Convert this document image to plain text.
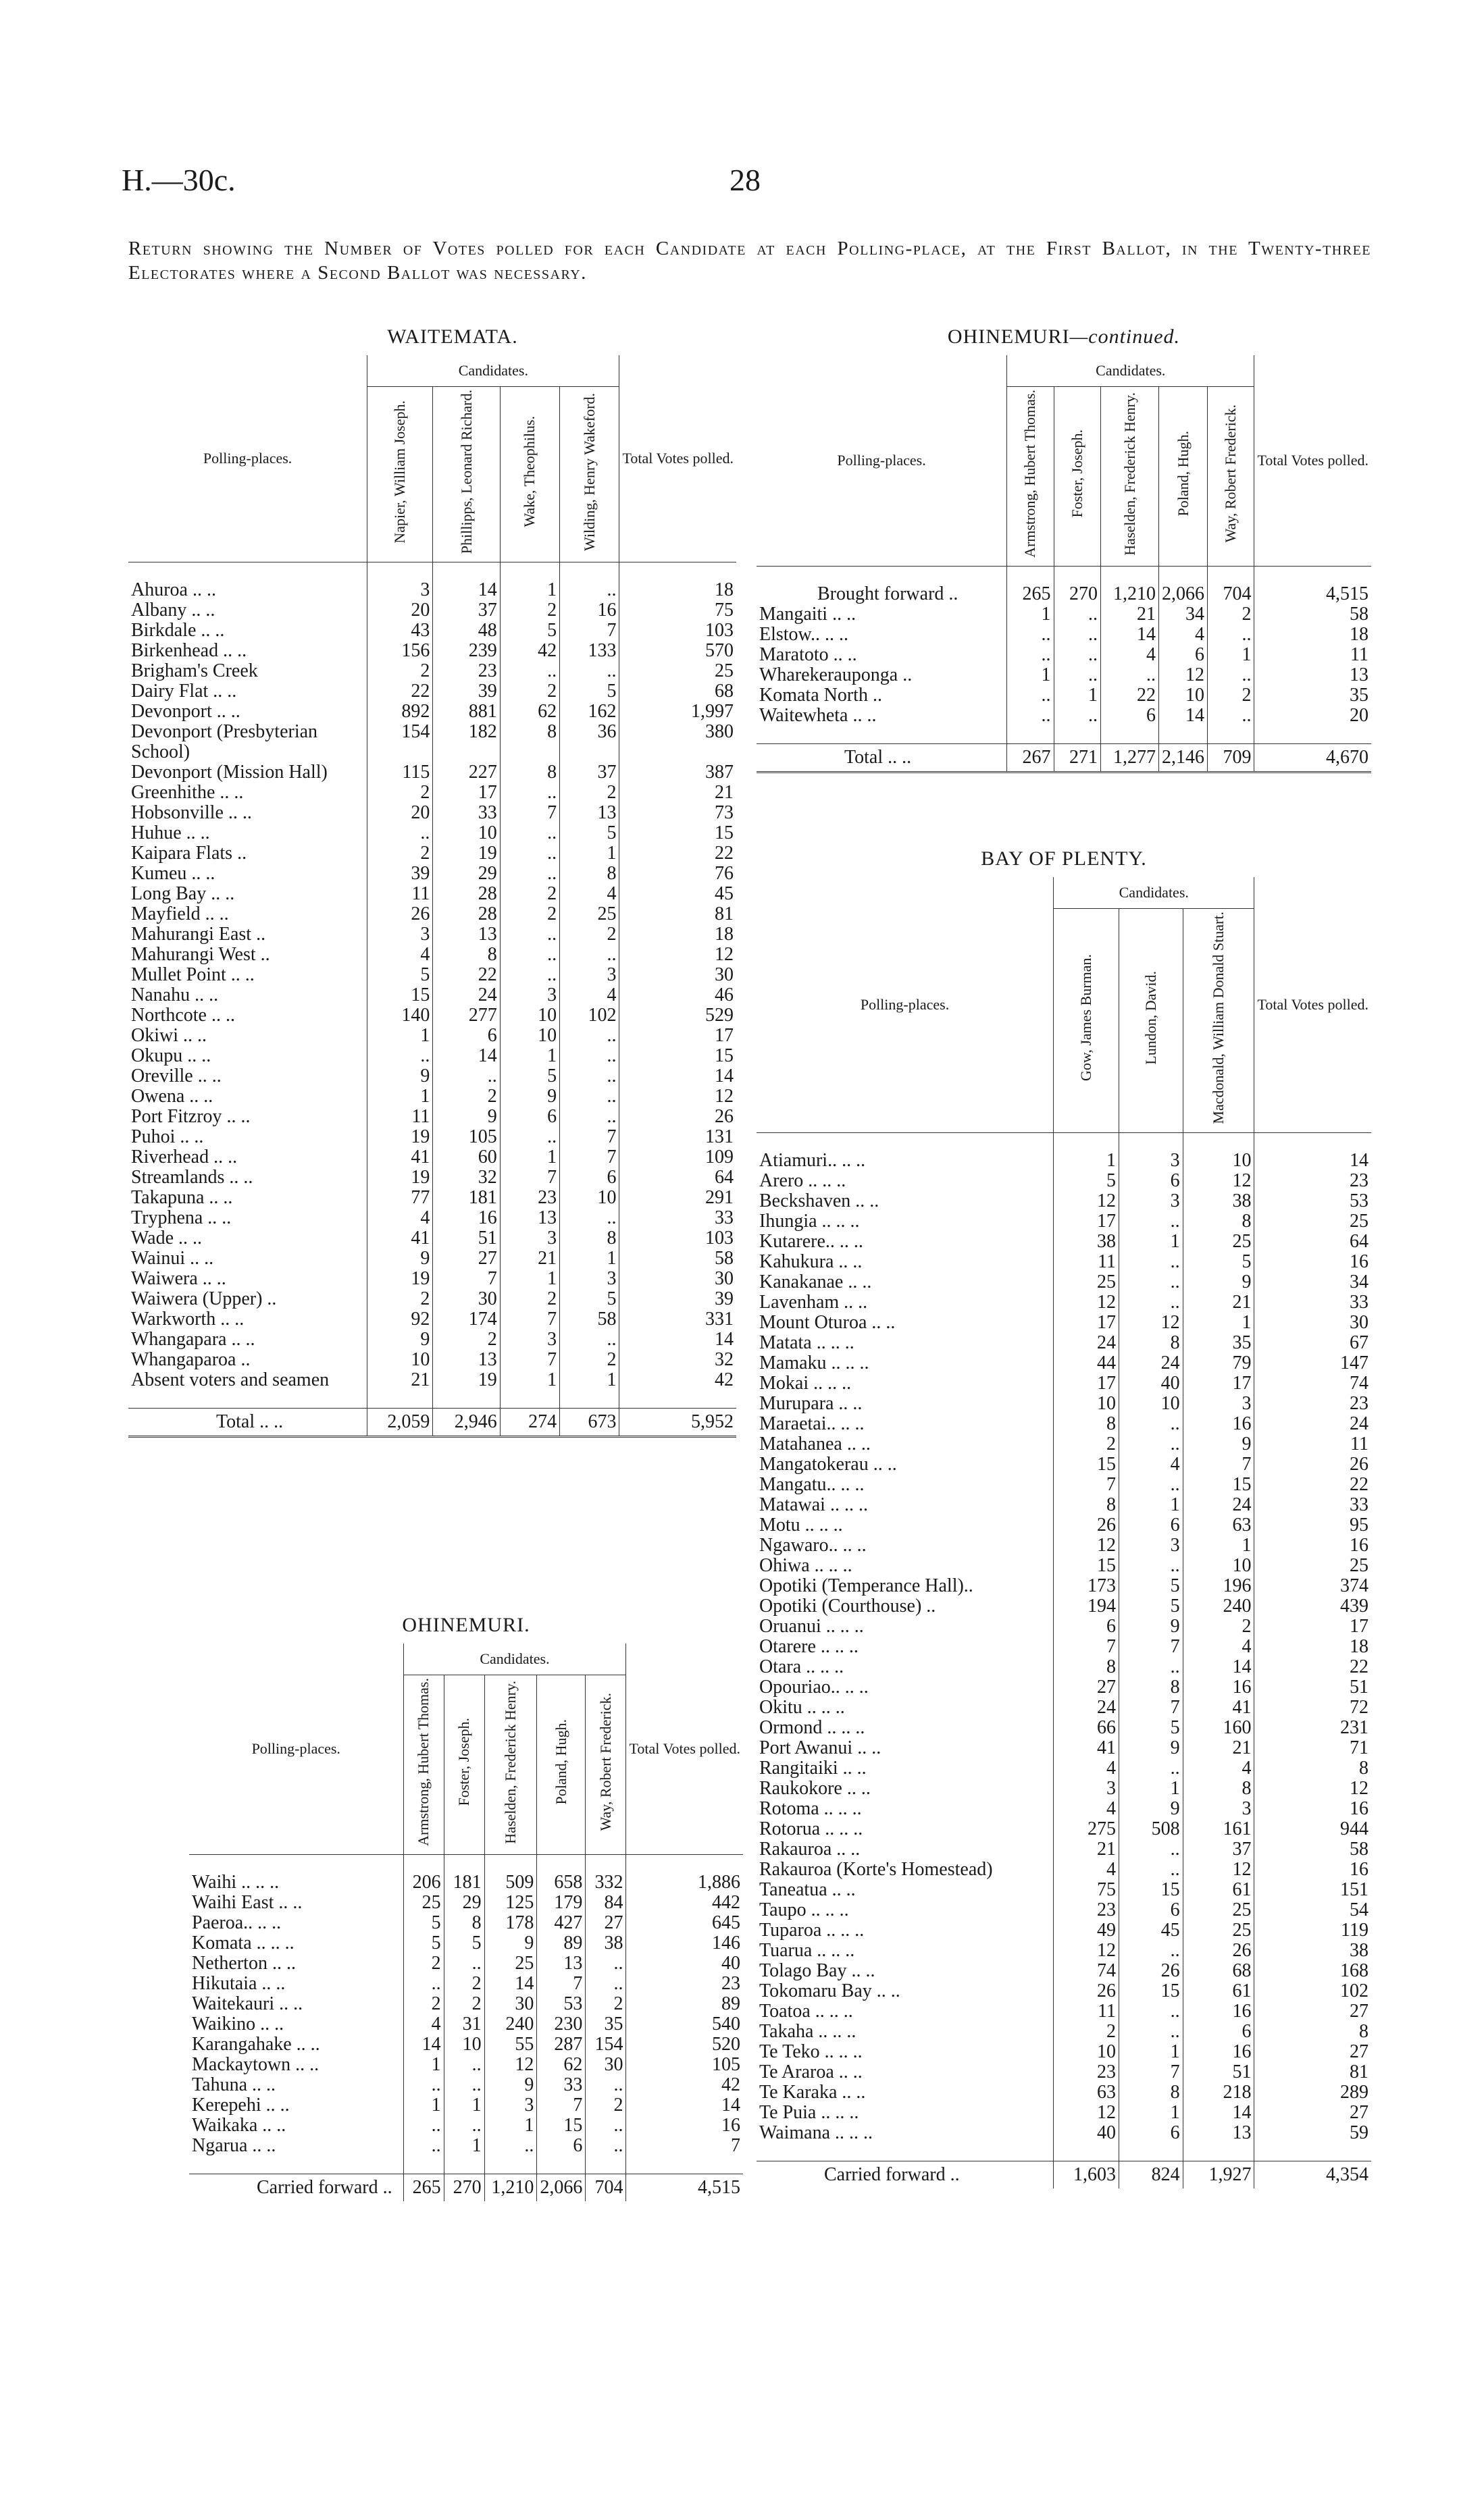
H.—30c.	28
Return showing the Number of Votes polled for each Candidate at each Polling-place, at the First Ballot, in the Twenty-three Electorates where a Second Ballot was necessary.
WAITEMATA.
Polling-places.	Candidates.				Total Votes polled.
	Napier, William Joseph.	Phillipps, Leonard Richard.	Wake, Theophilus.	Wilding, Henry Wakeford.	

Ahuroa .. ..	3	14	1	..	18
Albany .. ..	20	37	2	16	75
Birkdale .. ..	43	48	5	7	103
Birkenhead .. ..	156	239	42	133	570
Brigham's Creek	2	23	..	..	25
Dairy Flat .. ..	22	39	2	5	68
Devonport .. ..	892	881	62	162	1,997
Devonport (Presbyterian	154	182	8	36	380
School)					
Devonport (Mission Hall)	115	227	8	37	387
Greenhithe .. ..	2	17	..	2	21
Hobsonville .. ..	20	33	7	13	73
Huhue .. ..	..	10	..	5	15
Kaipara Flats ..	2	19	..	1	22
Kumeu .. ..	39	29	..	8	76
Long Bay .. ..	11	28	2	4	45
Mayfield .. ..	26	28	2	25	81
Mahurangi East ..	3	13	..	2	18
Mahurangi West ..	4	8	..	..	12
Mullet Point .. ..	5	22	..	3	30
Nanahu .. ..	15	24	3	4	46
Northcote .. ..	140	277	10	102	529
Okiwi .. ..	1	6	10	..	17
Okupu .. ..	..	14	1	..	15
Oreville .. ..	9	..	5	..	14
Owena .. ..	1	2	9	..	12
Port Fitzroy .. ..	11	9	6	..	26
Puhoi .. ..	19	105	..	7	131
Riverhead .. ..	41	60	1	7	109
Streamlands .. ..	19	32	7	6	64
Takapuna .. ..	77	181	23	10	291
Tryphena .. ..	4	16	13	..	33
Wade .. ..	41	51	3	8	103
Wainui .. ..	9	27	21	1	58
Waiwera .. ..	19	7	1	3	30
Waiwera (Upper) ..	2	30	2	5	39
Warkworth .. ..	92	174	7	58	331
Whangapara .. ..	9	2	3	..	14
Whangaparoa ..	10	13	7	2	32
Absent voters and seamen	21	19	1	1	42

Total .. ..	2,059	2,946	274	673	5,952
OHINEMURI.
Polling-places.	Candidates.					Total Votes polled.
	Armstrong, Hubert Thomas.	Foster, Joseph.	Haselden, Frederick Henry.	Poland, Hugh.	Way, Robert Frederick.	

Waihi .. .. ..	206	181	509	658	332	1,886
Waihi East .. ..	25	29	125	179	84	442
Paeroa.. .. ..	5	8	178	427	27	645
Komata .. .. ..	5	5	9	89	38	146
Netherton .. ..	2	..	25	13	..	40
Hikutaia .. ..	..	2	14	7	..	23
Waitekauri .. ..	2	2	30	53	2	89
Waikino .. ..	4	31	240	230	35	540
Karangahake .. ..	14	10	55	287	154	520
Mackaytown .. ..	1	..	12	62	30	105
Tahuna .. ..	..	..	9	33	..	42
Kerepehi .. ..	1	1	3	7	2	14
Waikaka .. ..	..	..	1	15	..	16
Ngarua .. ..	..	1	..	6	..	7

Carried forward ..	265	270	1,210	2,066	704	4,515
OHINEMURI—continued.
Polling-places.	Candidates.					Total Votes polled.
	Armstrong, Hubert Thomas.	Foster, Joseph.	Haselden, Frederick Henry.	Poland, Hugh.	Way, Robert Frederick.	

Brought forward ..	265	270	1,210	2,066	704	4,515
Mangaiti .. ..	1	..	21	34	2	58
Elstow.. .. ..	..	..	14	4	..	18
Maratoto .. ..	..	..	4	6	1	11
Wharekerauponga ..	1	..	..	12	..	13
Komata North ..	..	1	22	10	2	35
Waitewheta .. ..	..	..	6	14	..	20

Total .. ..	267	271	1,277	2,146	709	4,670
BAY OF PLENTY.
Polling-places.	Candidates.			Total Votes polled.
	Gow, James Burman.	Lundon, David.	Macdonald, William Donald Stuart.	

Atiamuri.. .. ..	1	3	10	14
Arero .. .. ..	5	6	12	23
Beckshaven .. ..	12	3	38	53
Ihungia .. .. ..	17	..	8	25
Kutarere.. .. ..	38	1	25	64
Kahukura .. ..	11	..	5	16
Kanakanae .. ..	25	..	9	34
Lavenham .. ..	12	..	21	33
Mount Oturoa .. ..	17	12	1	30
Matata .. .. ..	24	8	35	67
Mamaku .. .. ..	44	24	79	147
Mokai .. .. ..	17	40	17	74
Murupara .. ..	10	10	3	23
Maraetai.. .. ..	8	..	16	24
Matahanea .. ..	2	..	9	11
Mangatokerau .. ..	15	4	7	26
Mangatu.. .. ..	7	..	15	22
Matawai .. .. ..	8	1	24	33
Motu .. .. ..	26	6	63	95
Ngawaro.. .. ..	12	3	1	16
Ohiwa .. .. ..	15	..	10	25
Opotiki (Temperance Hall)..	173	5	196	374
Opotiki (Courthouse) ..	194	5	240	439
Oruanui .. .. ..	6	9	2	17
Otarere .. .. ..	7	7	4	18
Otara .. .. ..	8	..	14	22
Opouriao.. .. ..	27	8	16	51
Okitu .. .. ..	24	7	41	72
Ormond .. .. ..	66	5	160	231
Port Awanui .. ..	41	9	21	71
Rangitaiki .. ..	4	..	4	8
Raukokore .. ..	3	1	8	12
Rotoma .. .. ..	4	9	3	16
Rotorua .. .. ..	275	508	161	944
Rakauroa .. ..	21	..	37	58
Rakauroa (Korte's Homestead)	4	..	12	16
Taneatua .. ..	75	15	61	151
Taupo .. .. ..	23	6	25	54
Tuparoa .. .. ..	49	45	25	119
Tuarua .. .. ..	12	..	26	38
Tolago Bay .. ..	74	26	68	168
Tokomaru Bay .. ..	26	15	61	102
Toatoa .. .. ..	11	..	16	27
Takaha .. .. ..	2	..	6	8
Te Teko .. .. ..	10	1	16	27
Te Araroa .. ..	23	7	51	81
Te Karaka .. ..	63	8	218	289
Te Puia .. .. ..	12	1	14	27
Waimana .. .. ..	40	6	13	59

Carried forward ..	1,603	824	1,927	4,354
